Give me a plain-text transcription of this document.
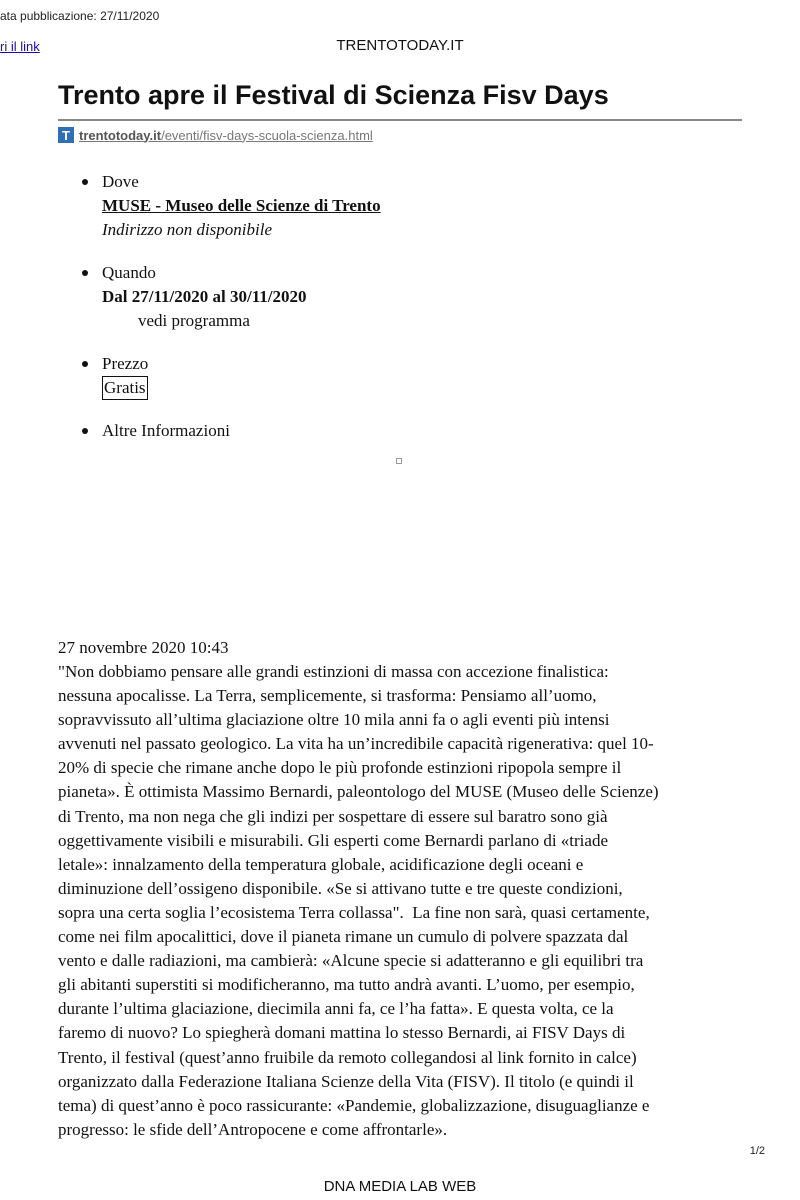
ata pubblicazione: 27/11/2020
ri il link	TRENTOTODAY.IT
Trento apre il Festival di Scienza Fisv Days
T trentotoday.it/eventi/fisv-days-scuola-scienza.html
Dove
MUSE - Museo delle Scienze di Trento
Indirizzo non disponibile
Quando
Dal 27/11/2020 al 30/11/2020
vedi programma
Prezzo
Gratis
Altre Informazioni
27 novembre 2020 10:43
"Non dobbiamo pensare alle grandi estinzioni di massa con accezione finalistica:
nessuna apocalisse. La Terra, semplicemente, si trasforma: Pensiamo all’uomo,
sopravvissuto all’ultima glaciazione oltre 10 mila anni fa o agli eventi più intensi
avvenuti nel passato geologico. La vita ha un’incredibile capacità rigenerativa: quel 10-
20% di specie che rimane anche dopo le più profonde estinzioni ripopola sempre il
pianeta». È ottimista Massimo Bernardi, paleontologo del MUSE (Museo delle Scienze)
di Trento, ma non nega che gli indizi per sospettare di essere sul baratro sono già
oggettivamente visibili e misurabili. Gli esperti come Bernardi parlano di «triade
letale»: innalzamento della temperatura globale, acidificazione degli oceani e
diminuzione dell’ossigeno disponibile. «Se si attivano tutte e tre queste condizioni,
sopra una certa soglia l’ecosistema Terra collassa".  La fine non sarà, quasi certamente,
come nei film apocalittici, dove il pianeta rimane un cumulo di polvere spazzata dal
vento e dalle radiazioni, ma cambierà: «Alcune specie si adatteranno e gli equilibri tra
gli abitanti superstiti si modificheranno, ma tutto andrà avanti. L’uomo, per esempio,
durante l’ultima glaciazione, diecimila anni fa, ce l’ha fatta». E questa volta, ce la
faremo di nuovo? Lo spiegherà domani mattina lo stesso Bernardi, ai FISV Days di
Trento, il festival (quest’anno fruibile da remoto collegandosi al link fornito in calce)
organizzato dalla Federazione Italiana Scienze della Vita (FISV). Il titolo (e quindi il
tema) di quest’anno è poco rassicurante: «Pandemie, globalizzazione, disuguaglianze e
progresso: le sfide dell’Antropocene e come affrontarle».
1/2
DNA MEDIA LAB WEB
